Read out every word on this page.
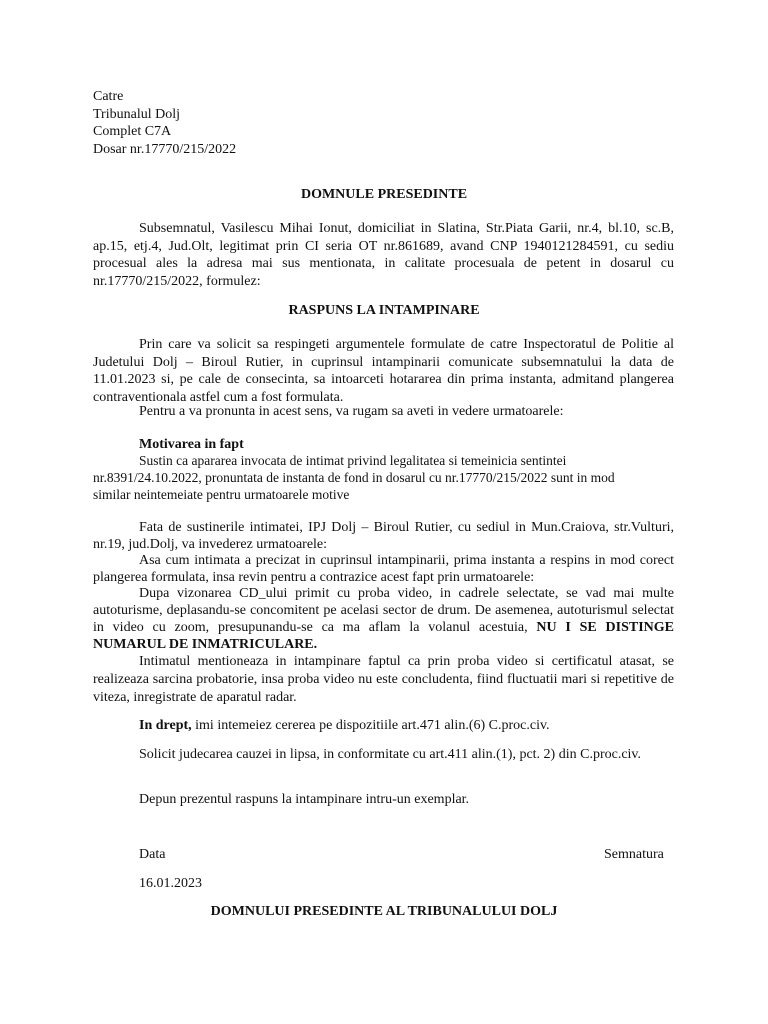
Catre
Tribunalul Dolj
Complet C7A
Dosar nr.17770/215/2022
DOMNULE PRESEDINTE

Subsemnatul, Vasilescu Mihai Ionut, domiciliat in Slatina, Str.Piata Garii, nr.4, bl.10, sc.B, ap.15, etj.4, Jud.Olt, legitimat prin CI seria OT nr.861689, avand CNP 1940121284591, cu sediu procesual ales la adresa mai sus mentionata, in calitate procesuala de petent in dosarul cu nr.17770/215/2022, formulez:

RASPUNS LA INTAMPINARE

Prin care va solicit sa respingeti argumentele formulate de catre Inspectoratul de Politie al Judetului Dolj – Biroul Rutier, in cuprinsul intampinarii comunicate subsemnatului la data de 11.01.2023 si, pe cale de consecinta, sa intoarceti hotararea din prima instanta, admitand plangerea contraventionala astfel cum a fost formulata.

Pentru a va pronunta in acest sens, va rugam sa aveti in vedere urmatoarele:

Motivarea in fapt
Sustin ca apararea invocata de intimat privind legalitatea si temeinicia sentintei
nr.8391/24.10.2022, pronuntata de instanta de fond in dosarul cu nr.17770/215/2022 sunt in mod
similar neintemeiate pentru urmatoarele motive

Fata de sustinerile intimatei, IPJ Dolj – Biroul Rutier, cu sediul in Mun.Craiova, str.Vulturi, nr.19, jud.Dolj, va invederez urmatoarele:

Asa cum intimata a precizat in cuprinsul intampinarii, prima instanta a respins in mod corect plangerea formulata, insa revin pentru a contrazice acest fapt prin urmatoarele:

Dupa vizonarea CD_ului primit cu proba video, in cadrele selectate, se vad mai multe autoturisme, deplasandu-se concomitent pe acelasi sector de drum. De asemenea, autoturismul selectat in video cu zoom, presupunandu-se ca ma aflam la volanul acestuia, NU I SE DISTINGE NUMARUL DE INMATRICULARE.

Intimatul mentioneaza in intampinare faptul ca prin proba video si certificatul atasat, se realizeaza sarcina probatorie, insa proba video nu este concludenta, fiind fluctuatii mari si repetitive de viteza, inregistrate de aparatul radar.

In drept, imi intemeiez cererea pe dispozitiile art.471 alin.(6) C.proc.civ.

Solicit judecarea cauzei in lipsa, in conformitate cu art.411 alin.(1), pct. 2) din C.proc.civ.

Depun prezentul raspuns la intampinare intru-un exemplar.

Data	Semnatura
16.01.2023
DOMNULUI PRESEDINTE AL TRIBUNALULUI DOLJ
